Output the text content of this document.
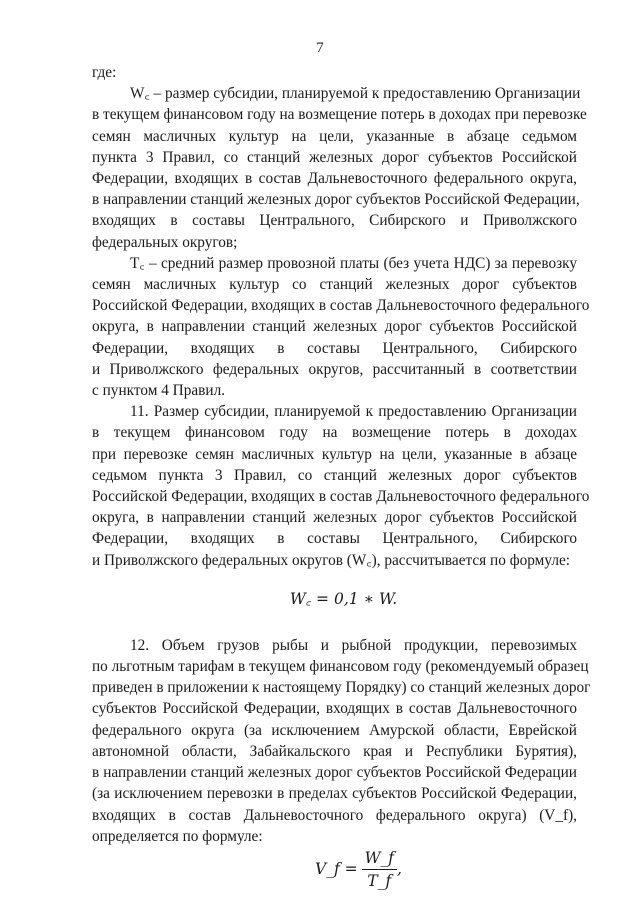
7
где:
W꜀ – размер субсидии, планируемой к предоставлению Организации
в текущем финансовом году на возмещение потерь в доходах при перевозке
семян масличных культур на цели, указанные в абзаце седьмом
пункта 3 Правил, со станций железных дорог субъектов Российской
Федерации, входящих в состав Дальневосточного федерального округа,
в направлении станций железных дорог субъектов Российской Федерации,
входящих в составы Центрального, Сибирского и Приволжского
федеральных округов;
T꜀ – средний размер провозной платы (без учета НДС) за перевозку
семян масличных культур со станций железных дорог субъектов
Российской Федерации, входящих в состав Дальневосточного федерального
округа, в направлении станций железных дорог субъектов Российской
Федерации, входящих в составы Центрального, Сибирского
и Приволжского федеральных округов, рассчитанный в соответствии
с пунктом 4 Правил.
11. Размер субсидии, планируемой к предоставлению Организации
в текущем финансовом году на возмещение потерь в доходах
при перевозке семян масличных культур на цели, указанные в абзаце
седьмом пункта 3 Правил, со станций железных дорог субъектов
Российской Федерации, входящих в состав Дальневосточного федерального
округа, в направлении станций железных дорог субъектов Российской
Федерации, входящих в составы Центрального, Сибирского
и Приволжского федеральных округов (W꜀), рассчитывается по формуле:
W꜀ = 0,1 ∗ W.
12. Объем грузов рыбы и рыбной продукции, перевозимых
по льготным тарифам в текущем финансовом году (рекомендуемый образец
приведен в приложении к настоящему Порядку) со станций железных дорог
субъектов Российской Федерации, входящих в состав Дальневосточного
федерального округа (за исключением Амурской области, Еврейской
автономной области, Забайкальского края и Республики Бурятия),
в направлении станций железных дорог субъектов Российской Федерации
(за исключением перевозки в пределах субъектов Российской Федерации,
входящих в состав Дальневосточного федерального округа) (V_f),
определяется по формуле:
V_f = $\frac{W\_f}{T\_f}$ ,
